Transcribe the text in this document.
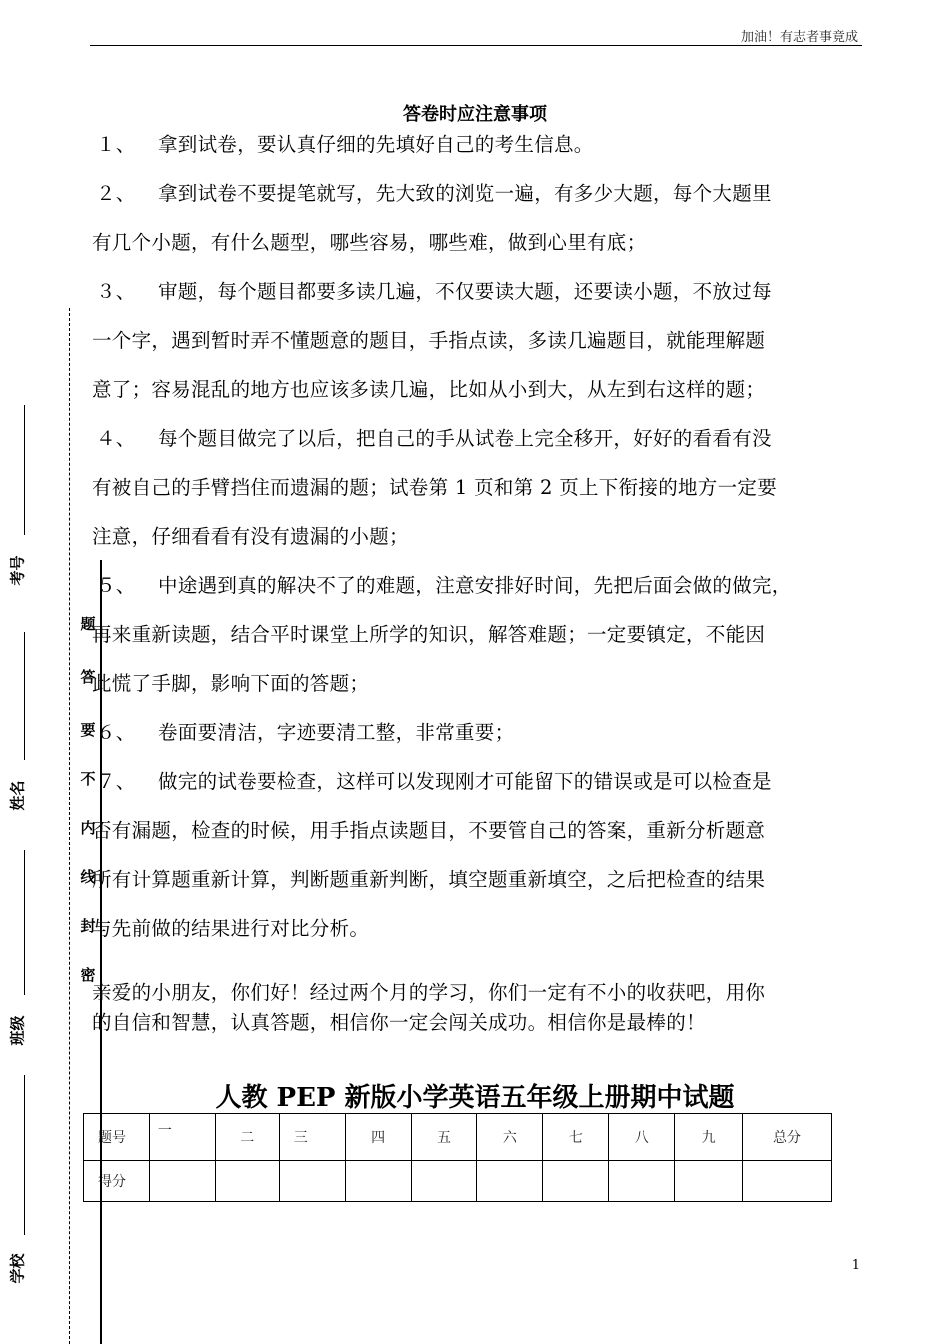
加油！有志者事竟成
答卷时应注意事项

１、 拿到试卷，要认真仔细的先填好自己的考生信息。

２、 拿到试卷不要提笔就写，先大致的浏览一遍，有多少大题，每个大题里

有几个小题，有什么题型，哪些容易，哪些难，做到心里有底；

３、 审题，每个题目都要多读几遍，不仅要读大题，还要读小题，不放过每

一个字，遇到暂时弄不懂题意的题目，手指点读，多读几遍题目，就能理解题

意了；容易混乱的地方也应该多读几遍，比如从小到大，从左到右这样的题；

４、 每个题目做完了以后，把自己的手从试卷上完全移开，好好的看看有没

有被自己的手臂挡住而遗漏的题；试卷第 1 页和第 2 页上下衔接的地方一定要

注意，仔细看看有没有遗漏的小题；

５、 中途遇到真的解决不了的难题，注意安排好时间，先把后面会做的做完，

再来重新读题，结合平时课堂上所学的知识，解答难题；一定要镇定，不能因

此慌了手脚，影响下面的答题；

６、 卷面要清洁，字迹要清工整，非常重要；

７、 做完的试卷要检查，这样可以发现刚才可能留下的错误或是可以检查是

否有漏题，检查的时候，用手指点读题目，不要管自己的答案，重新分析题意

所有计算题重新计算，判断题重新判断，填空题重新填空，之后把检查的结果

与先前做的结果进行对比分析。

亲爱的小朋友，你们好！经过两个月的学习，你们一定有不小的收获吧，用你
的自信和智慧，认真答题，相信你一定会闯关成功。相信你是最棒的！
人教 PEP 新版小学英语五年级上册期中试题
题号	一	二	三	四	五	六	七	八	九	总分
得分										
1
题
答
要
不
内
线
封
密
考号
姓名
班级
学校
